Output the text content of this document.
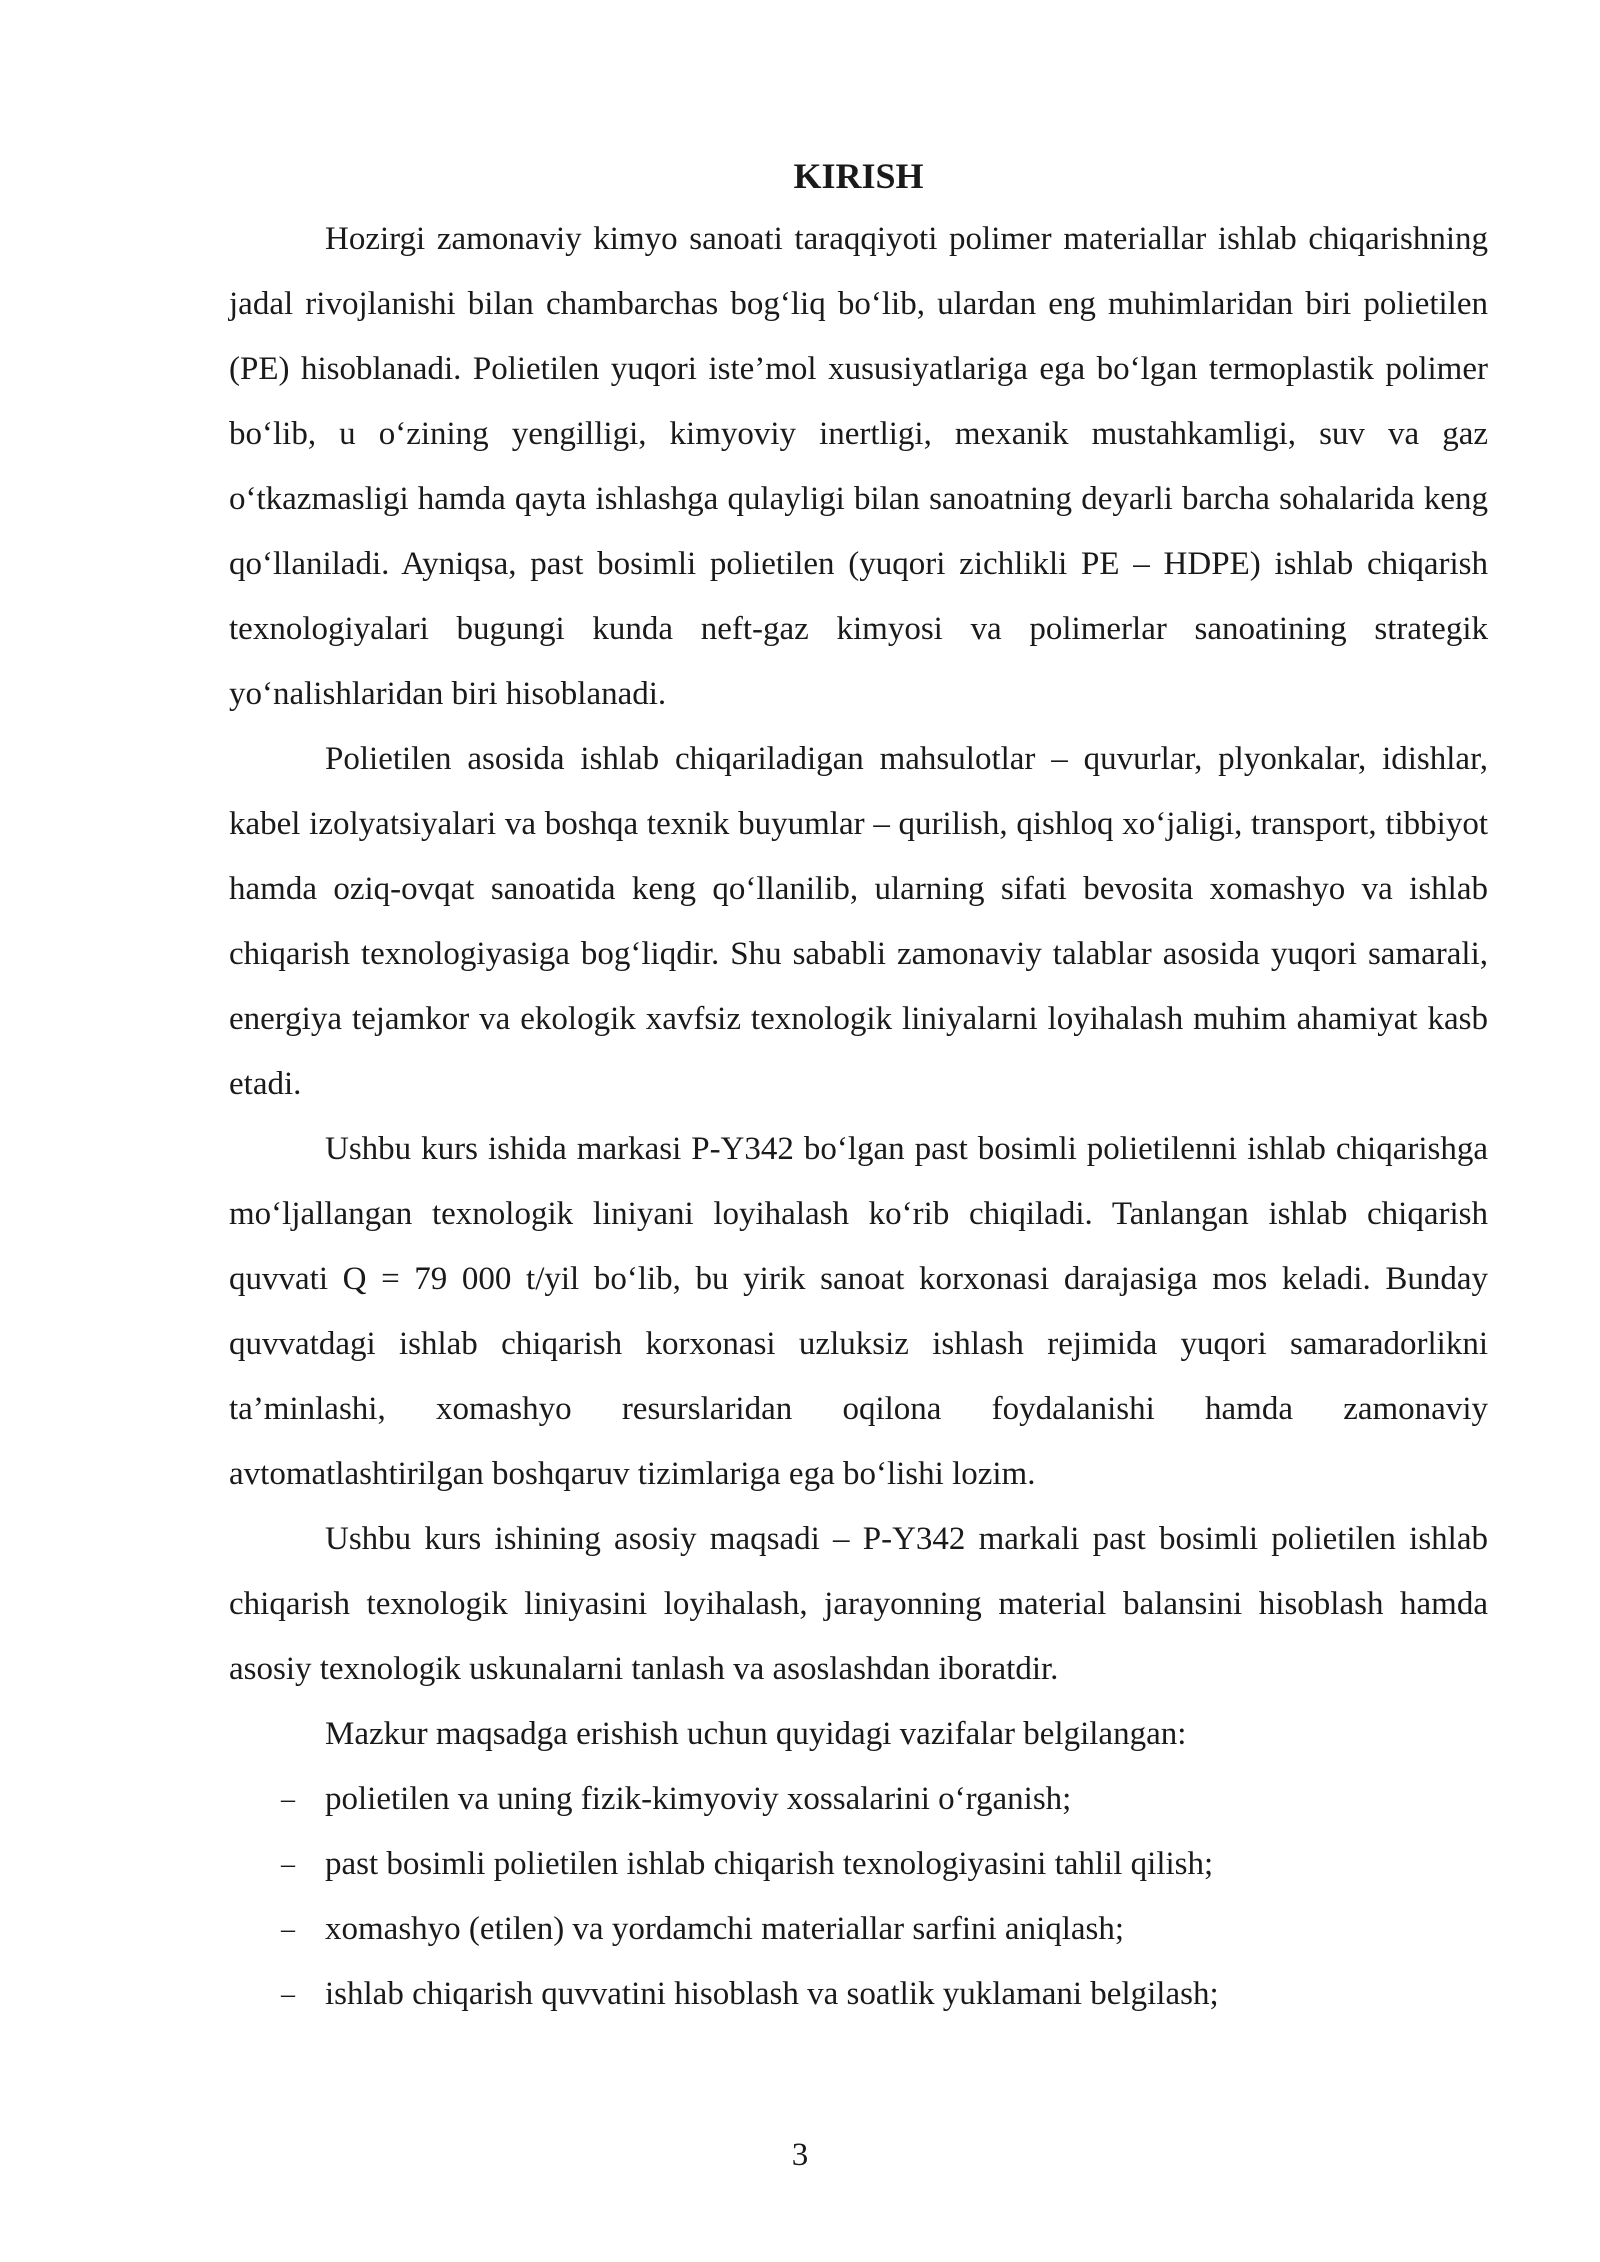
KIRISH

Hozirgi zamonaviy kimyo sanoati taraqqiyoti polimer materiallar ishlab chiqarishning jadal rivojlanishi bilan chambarchas bog‘liq bo‘lib, ulardan eng muhimlaridan biri polietilen (PE) hisoblanadi. Polietilen yuqori iste’mol xususiyatlariga ega bo‘lgan termoplastik polimer bo‘lib, u o‘zining yengilligi, kimyoviy inertligi, mexanik mustahkamligi, suv va gaz o‘tkazmasligi hamda qayta ishlashga qulayligi bilan sanoatning deyarli barcha sohalarida keng qo‘llaniladi. Ayniqsa, past bosimli polietilen (yuqori zichlikli PE – HDPE) ishlab chiqarish texnologiyalari bugungi kunda neft-gaz kimyosi va polimerlar sanoatining strategik yo‘nalishlaridan biri hisoblanadi.

Polietilen asosida ishlab chiqariladigan mahsulotlar – quvurlar, plyonkalar, idishlar, kabel izolyatsiyalari va boshqa texnik buyumlar – qurilish, qishloq xo‘jaligi, transport, tibbiyot hamda oziq-ovqat sanoatida keng qo‘llanilib, ularning sifati bevosita xomashyo va ishlab chiqarish texnologiyasiga bog‘liqdir. Shu sababli zamonaviy talablar asosida yuqori samarali, energiya tejamkor va ekologik xavfsiz texnologik liniyalarni loyihalash muhim ahamiyat kasb etadi.

Ushbu kurs ishida markasi P-Y342 bo‘lgan past bosimli polietilenni ishlab chiqarishga mo‘ljallangan texnologik liniyani loyihalash ko‘rib chiqiladi. Tanlangan ishlab chiqarish quvvati Q = 79 000 t/yil bo‘lib, bu yirik sanoat korxonasi darajasiga mos keladi. Bunday quvvatdagi ishlab chiqarish korxonasi uzluksiz ishlash rejimida yuqori samaradorlikni ta’minlashi, xomashyo resurslaridan oqilona foydalanishi hamda zamonaviy avtomatlashtirilgan boshqaruv tizimlariga ega bo‘lishi lozim.

Ushbu kurs ishining asosiy maqsadi – P-Y342 markali past bosimli polietilen ishlab chiqarish texnologik liniyasini loyihalash, jarayonning material balansini hisoblash hamda asosiy texnologik uskunalarni tanlash va asoslashdan iboratdir.

Mazkur maqsadga erishish uchun quyidagi vazifalar belgilangan:

– polietilen va uning fizik-kimyoviy xossalarini o‘rganish;
– past bosimli polietilen ishlab chiqarish texnologiyasini tahlil qilish;
– xomashyo (etilen) va yordamchi materiallar sarfini aniqlash;
– ishlab chiqarish quvvatini hisoblash va soatlik yuklamani belgilash;

3
